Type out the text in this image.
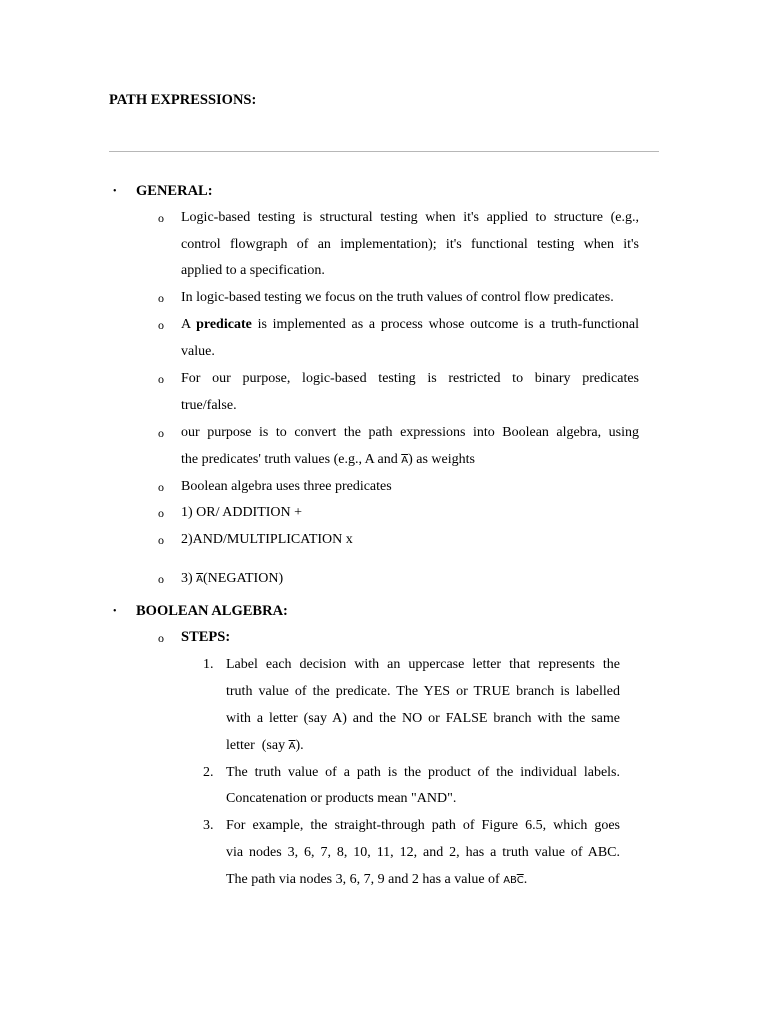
PATH EXPRESSIONS:
• GENERAL:
o Logic-based testing is structural testing when it's applied to structure (e.g.,
control flowgraph of an implementation); it's functional testing when it's
applied to a specification.
o In logic-based testing we focus on the truth values of control flow predicates.
o A predicate is implemented as a process whose outcome is a truth-functional
value.
o For our purpose, logic-based testing is restricted to binary predicates
true/false.
o our purpose is to convert the path expressions into Boolean algebra, using
the predicates' truth values (e.g., A and $\overline{A}$) as weights
o Boolean algebra uses three predicates
o 1) OR/ ADDITION +
o 2)AND/MULTIPLICATION x
o 3) $\overline{A}(NEGATION)$
• BOOLEAN ALGEBRA:
o STEPS:
1. Label each decision with an uppercase letter that represents the
truth value of the predicate. The YES or TRUE branch is labelled
with a letter (say A) and the NO or FALSE branch with the same
letter  (say $\overline{A}$).
2. The truth value of a path is the product of the individual labels.
Concatenation or products mean "AND".
3. For example, the straight-through path of Figure 6.5, which goes
via nodes 3, 6, 7, 8, 10, 11, 12, and 2, has a truth value of ABC.
The path via nodes 3, 6, 7, 9 and 2 has a value of $AB\overline{C}$.
